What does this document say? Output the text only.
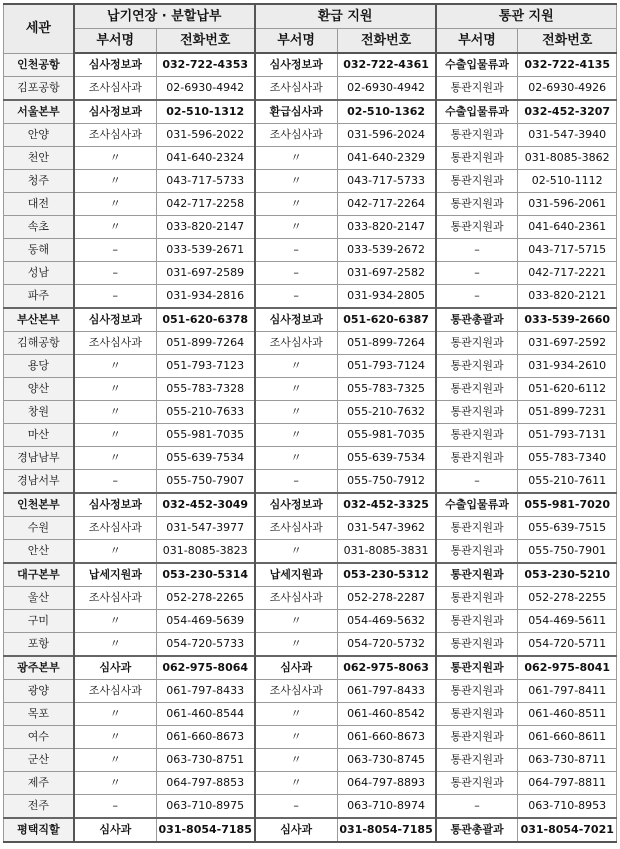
세관	납기연장 · 분할납부		환급 지원		통관 지원	
	부서명	전화번호	부서명	전화번호	부서명	전화번호
인천공항	심사정보과	032-722-4353	심사정보과	032-722-4361	수출입물류과	032-722-4135
김포공항	조사심사과	02-6930-4942	조사심사과	02-6930-4942	통관지원과	02-6930-4926
서울본부	심사정보과	02-510-1312	환급심사과	02-510-1362	수출입물류과	032-452-3207
안양	조사심사과	031-596-2022	조사심사과	031-596-2024	통관지원과	031-547-3940
천안	〃	041-640-2324	〃	041-640-2329	통관지원과	031-8085-3862
청주	〃	043-717-5733	〃	043-717-5733	통관지원과	02-510-1112
대전	〃	042-717-2258	〃	042-717-2264	통관지원과	031-596-2061
속초	〃	033-820-2147	〃	033-820-2147	통관지원과	041-640-2361
동해	–	033-539-2671	–	033-539-2672	–	043-717-5715
성남	–	031-697-2589	–	031-697-2582	–	042-717-2221
파주	–	031-934-2816	–	031-934-2805	–	033-820-2121
부산본부	심사정보과	051-620-6378	심사정보과	051-620-6387	통관총괄과	033-539-2660
김해공항	조사심사과	051-899-7264	조사심사과	051-899-7264	통관지원과	031-697-2592
용당	〃	051-793-7123	〃	051-793-7124	통관지원과	031-934-2610
양산	〃	055-783-7328	〃	055-783-7325	통관지원과	051-620-6112
창원	〃	055-210-7633	〃	055-210-7632	통관지원과	051-899-7231
마산	〃	055-981-7035	〃	055-981-7035	통관지원과	051-793-7131
경남남부	〃	055-639-7534	〃	055-639-7534	통관지원과	055-783-7340
경남서부	–	055-750-7907	–	055-750-7912	–	055-210-7611
인천본부	심사정보과	032-452-3049	심사정보과	032-452-3325	수출입물류과	055-981-7020
수원	조사심사과	031-547-3977	조사심사과	031-547-3962	통관지원과	055-639-7515
안산	〃	031-8085-3823	〃	031-8085-3831	통관지원과	055-750-7901
대구본부	납세지원과	053-230-5314	납세지원과	053-230-5312	통관지원과	053-230-5210
울산	조사심사과	052-278-2265	조사심사과	052-278-2287	통관지원과	052-278-2255
구미	〃	054-469-5639	〃	054-469-5632	통관지원과	054-469-5611
포항	〃	054-720-5733	〃	054-720-5732	통관지원과	054-720-5711
광주본부	심사과	062-975-8064	심사과	062-975-8063	통관지원과	062-975-8041
광양	조사심사과	061-797-8433	조사심사과	061-797-8433	통관지원과	061-797-8411
목포	〃	061-460-8544	〃	061-460-8542	통관지원과	061-460-8511
여수	〃	061-660-8673	〃	061-660-8673	통관지원과	061-660-8611
군산	〃	063-730-8751	〃	063-730-8745	통관지원과	063-730-8711
제주	〃	064-797-8853	〃	064-797-8893	통관지원과	064-797-8811
전주	–	063-710-8975	–	063-710-8974	–	063-710-8953
평택직할	심사과	031-8054-7185	심사과	031-8054-7185	통관총괄과	031-8054-7021
